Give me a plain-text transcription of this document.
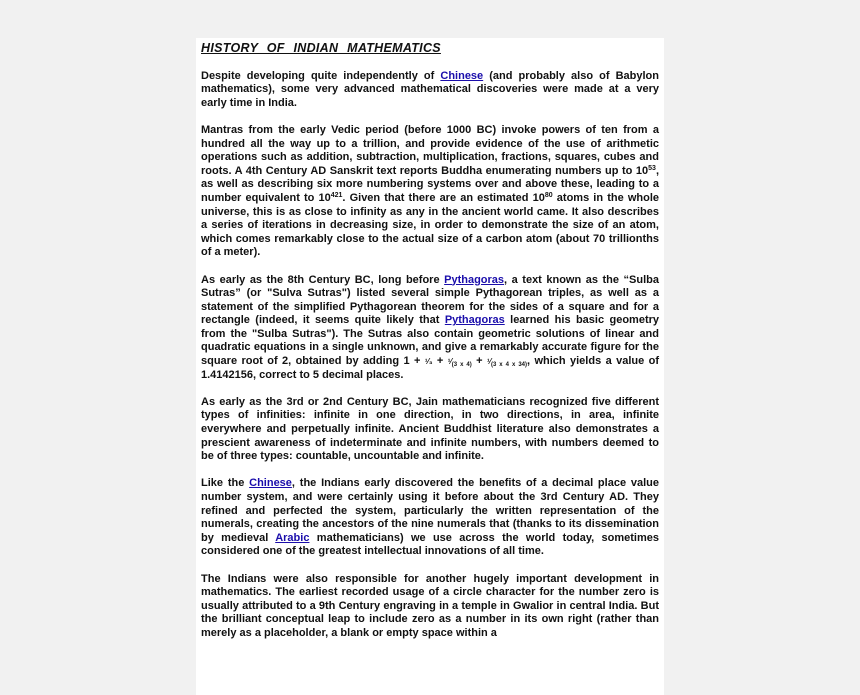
HISTORY OF INDIAN MATHEMATICS

Despite developing quite independently of Chinese (and probably also of Babylon mathematics), some very advanced mathematical discoveries were made at a very early time in India.

Mantras from the early Vedic period (before 1000 BC) invoke powers of ten from a hundred all the way up to a trillion, and provide evidence of the use of arithmetic operations such as addition, subtraction, multiplication, fractions, squares, cubes and roots. A 4th Century AD Sanskrit text reports Buddha enumerating numbers up to $10^{53}$, as well as describing six more numbering systems over and above these, leading to a number equivalent to $10^{421}$. Given that there are an estimated $10^{80}$ atoms in the whole universe, this is as close to infinity as any in the ancient world came. It also describes a series of iterations in decreasing size, in order to demonstrate the size of an atom, which comes remarkably close to the actual size of a carbon atom (about 70 trillionths of a meter).

As early as the 8th Century BC, long before Pythagoras, a text known as the “Sulba Sutras” (or "Sulva Sutras") listed several simple Pythagorean triples, as well as a statement of the simplified Pythagorean theorem for the sides of a square and for a rectangle (indeed, it seems quite likely that Pythagoras learned his basic geometry from the "Sulba Sutras"). The Sutras also contain geometric solutions of linear and quadratic equations in a single unknown, and give a remarkably accurate figure for the square root of 2, obtained by adding 1 + ¹⁄₃ + $^1⁄_{(3 x 4)}$ + $^1⁄_{(3 x 4 x 34)}$, which yields a value of 1.4142156, correct to 5 decimal places.

As early as the 3rd or 2nd Century BC, Jain mathematicians recognized five different types of infinities: infinite in one direction, in two directions, in area, infinite everywhere and perpetually infinite. Ancient Buddhist literature also demonstrates a prescient awareness of indeterminate and infinite numbers, with numbers deemed to be of three types: countable, uncountable and infinite.

Like the Chinese, the Indians early discovered the benefits of a decimal place value number system, and were certainly using it before about the 3rd Century AD. They refined and perfected the system, particularly the written representation of the numerals, creating the ancestors of the nine numerals that (thanks to its dissemination by medieval Arabic mathematicians) we use across the world today, sometimes considered one of the greatest intellectual innovations of all time.

The Indians were also responsible for another hugely important development in mathematics. The earliest recorded usage of a circle character for the number zero is usually attributed to a 9th Century engraving in a temple in Gwalior in central India. But the brilliant conceptual leap to include zero as a number in its own right (rather than merely as a placeholder, a blank or empty space within a
